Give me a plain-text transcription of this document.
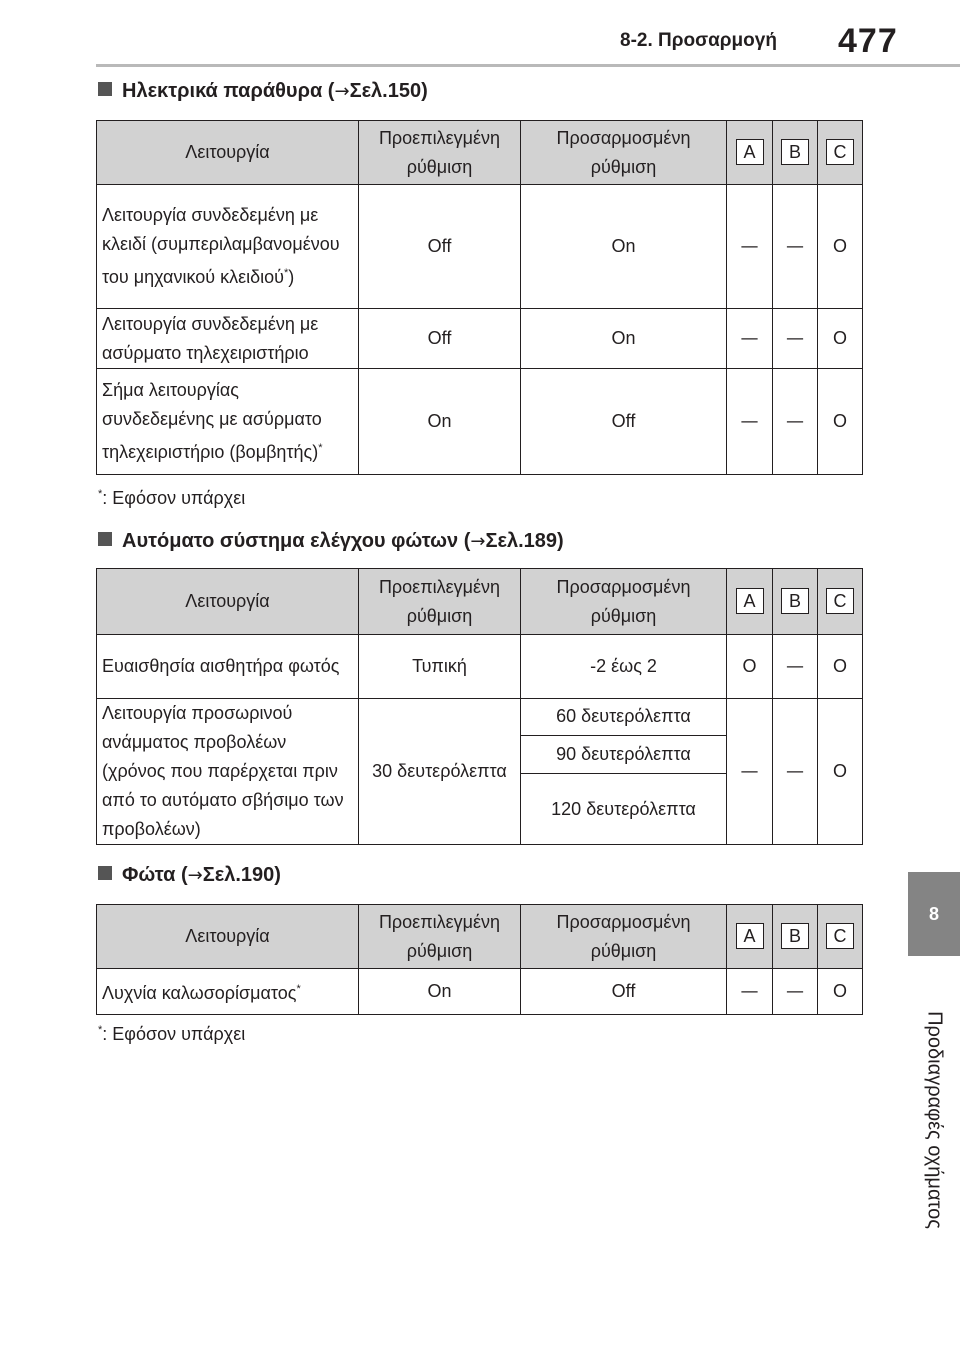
8-2. Προσαρμογή 477
8
Προδιαγραφές οχήματος
Ηλεκτρικά παράθυρα (→Σελ.150)
Λειτουργία	Προεπιλεγμένη ρύθμιση	Προσαρμοσμένη ρύθμιση	A	B	C
Λειτουργία συνδεδεμένη με κλειδί (συμπεριλαμβανομένου του μηχανικού κλειδιού*)	Off	On	—	—	O
Λειτουργία συνδεδεμένη με ασύρματο τηλεχειριστήριο	Off	On	—	—	O
Σήμα λειτουργίας συνδεδεμένης με ασύρματο τηλεχειριστήριο (βομβητής)*	On	Off	—	—	O
*: Εφόσον υπάρχει
Αυτόματο σύστημα ελέγχου φώτων (→Σελ.189)
Λειτουργία	Προεπιλεγμένη ρύθμιση	Προσαρμοσμένη ρύθμιση	A	B	C
Ευαισθησία αισθητήρα φωτός	Τυπική	-2 έως 2	O	—	O
Λειτουργία προσωρινού ανάμματος προβολέων (χρόνος που παρέρχεται πριν από το αυτόματο σβήσιμο των προβολέων)	30 δευτερόλεπτα	60 δευτερόλεπτα	—	—	O
		90 δευτερόλεπτα			
		120 δευτερόλεπτα			
Φώτα (→Σελ.190)
Λειτουργία	Προεπιλεγμένη ρύθμιση	Προσαρμοσμένη ρύθμιση	A	B	C
Λυχνία καλωσορίσματος*	On	Off	—	—	O
*: Εφόσον υπάρχει
